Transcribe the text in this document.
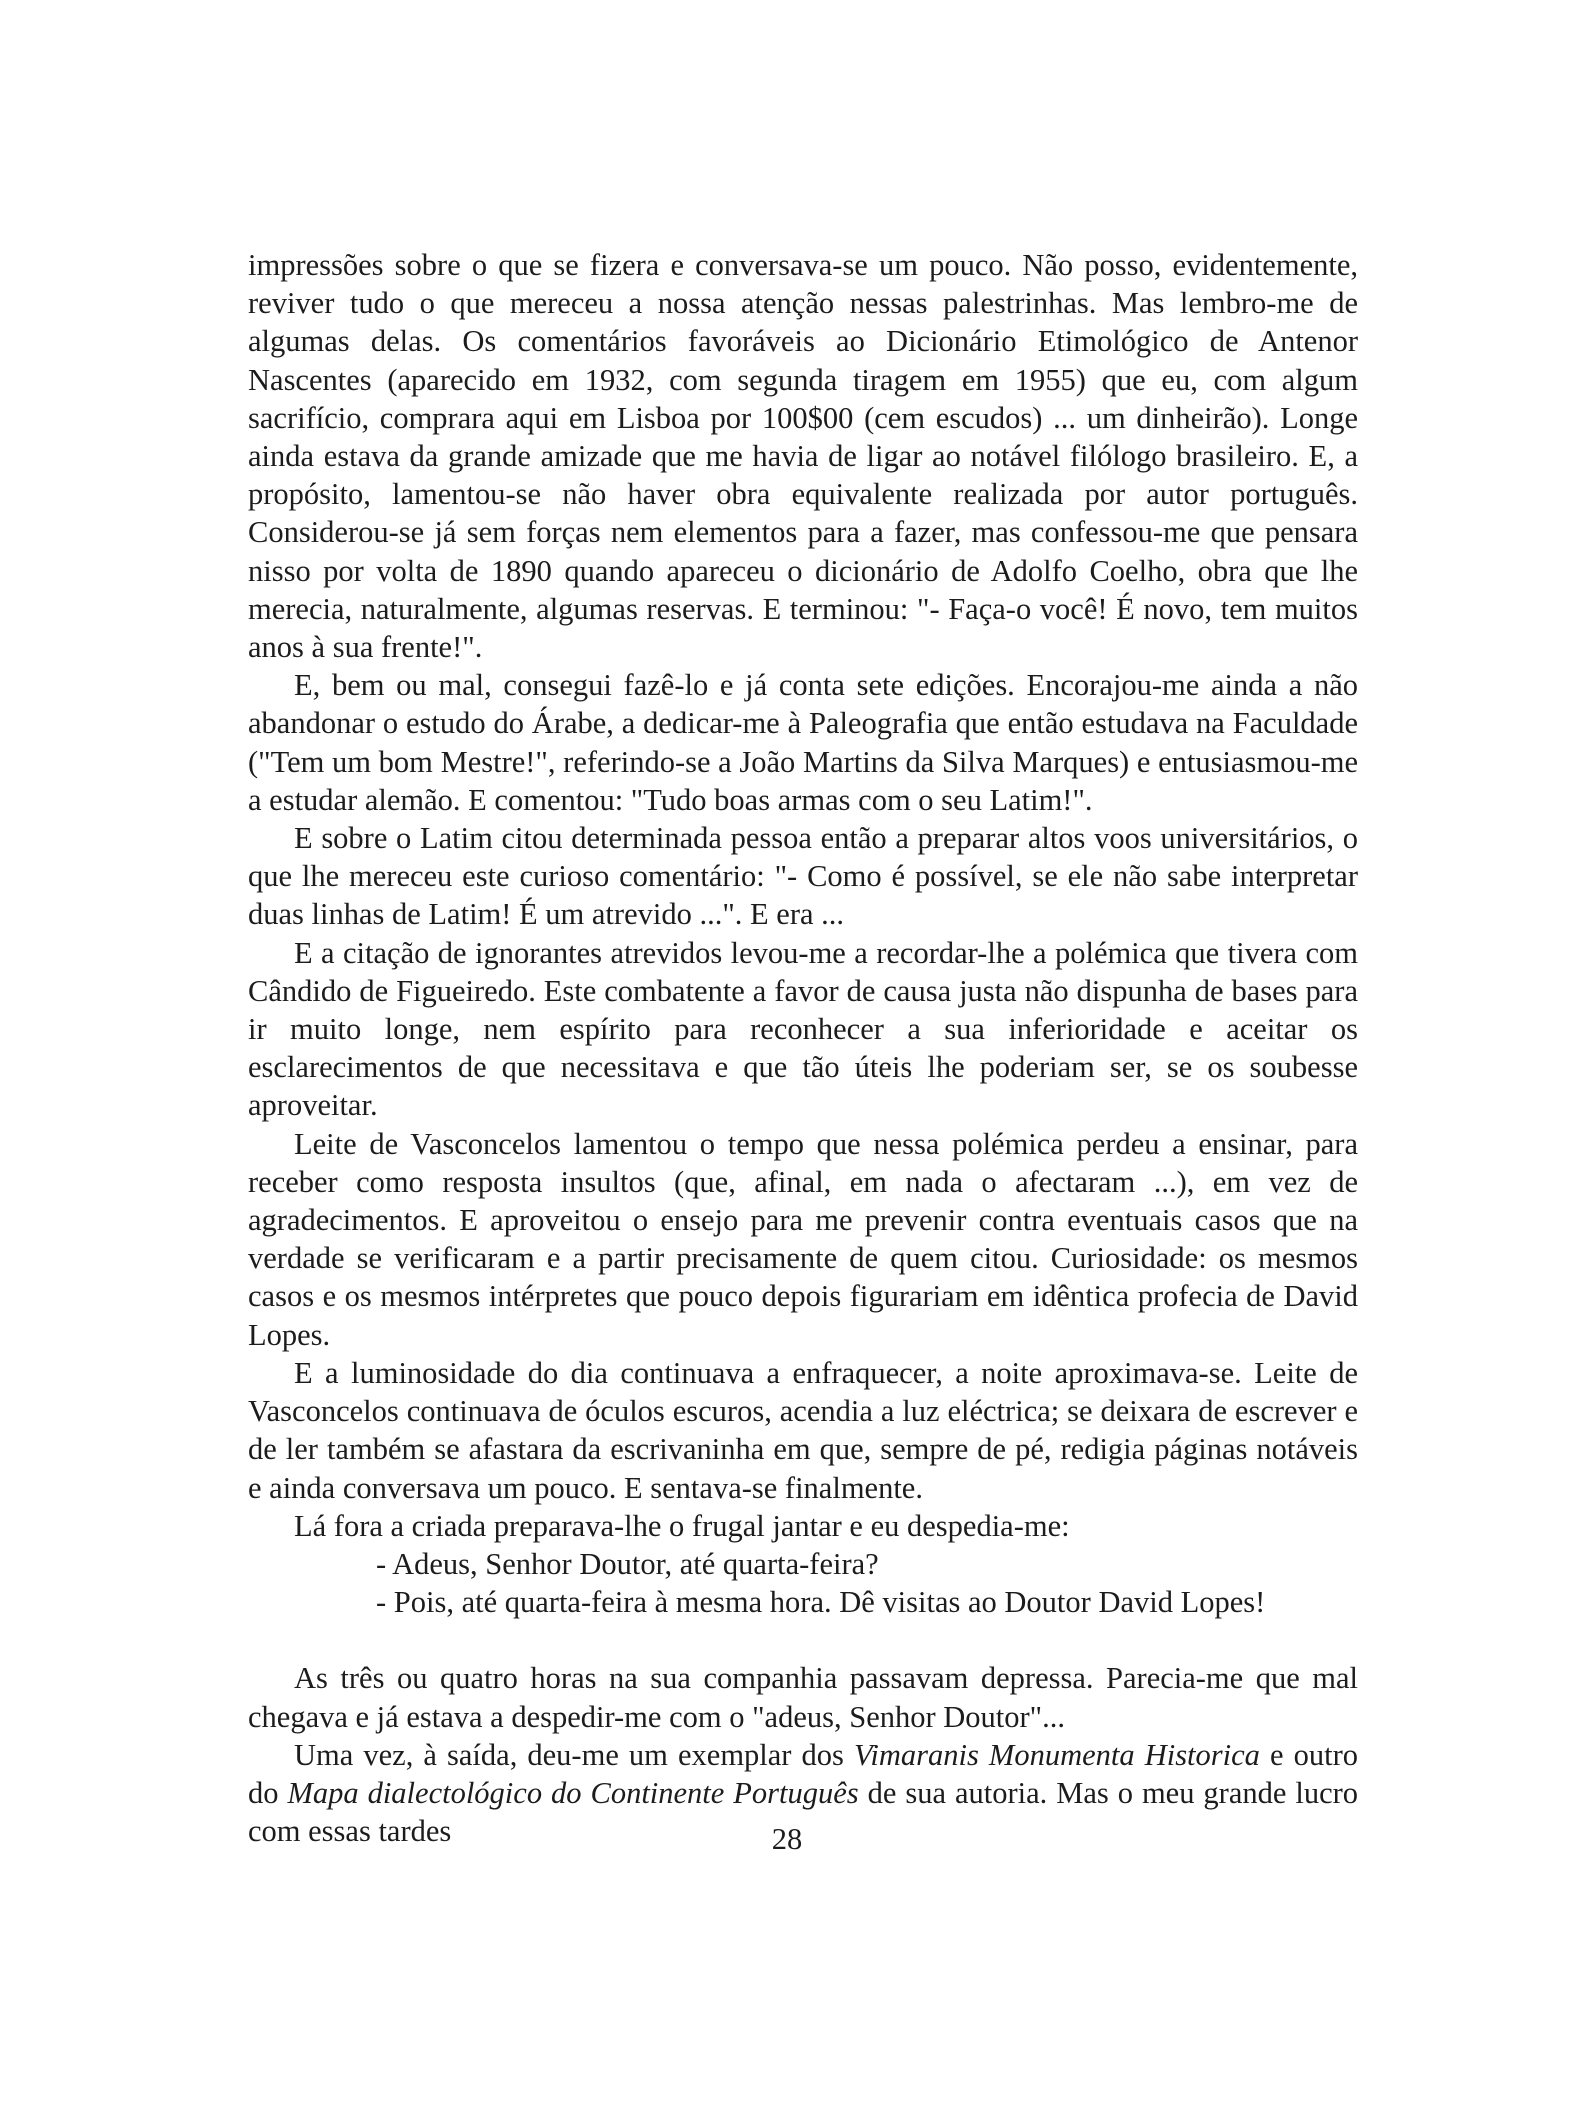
impressões sobre o que se fizera e conversava-se um pouco. Não posso, evidentemente, reviver tudo o que mereceu a nossa atenção nessas palestrinhas. Mas lembro-me de algumas delas. Os comentários favoráveis ao Dicionário Etimológico de Antenor Nascentes (aparecido em 1932, com segunda tiragem em 1955) que eu, com algum sacrifício, comprara aqui em Lisboa por 100$00 (cem escudos) ... um dinheirão). Longe ainda estava da grande amizade que me havia de ligar ao notável filólogo brasileiro. E, a propósito, lamentou-se não haver obra equivalente realizada por autor português. Considerou-se já sem forças nem elementos para a fazer, mas confessou-me que pensara nisso por volta de 1890 quando apareceu o dicionário de Adolfo Coelho, obra que lhe merecia, naturalmente, algumas reservas. E terminou: "- Faça-o você! É novo, tem muitos anos à sua frente!".

E, bem ou mal, consegui fazê-lo e já conta sete edições. Encorajou-me ainda a não abandonar o estudo do Árabe, a dedicar-me à Paleografia que então estudava na Faculdade ("Tem um bom Mestre!", referindo-se a João Martins da Silva Marques) e entusiasmou-me a estudar alemão. E comentou: "Tudo boas armas com o seu Latim!".

E sobre o Latim citou determinada pessoa então a preparar altos voos universitários, o que lhe mereceu este curioso comentário: "- Como é possível, se ele não sabe interpretar duas linhas de Latim! É um atrevido ...". E era ...

E a citação de ignorantes atrevidos levou-me a recordar-lhe a polémica que tivera com Cândido de Figueiredo. Este combatente a favor de causa justa não dispunha de bases para ir muito longe, nem espírito para reconhecer a sua inferioridade e aceitar os esclarecimentos de que necessitava e que tão úteis lhe poderiam ser, se os soubesse aproveitar.

Leite de Vasconcelos lamentou o tempo que nessa polémica perdeu a ensinar, para receber como resposta insultos (que, afinal, em nada o afectaram ...), em vez de agradecimentos. E aproveitou o ensejo para me prevenir contra eventuais casos que na verdade se verificaram e a partir precisamente de quem citou. Curiosidade: os mesmos casos e os mesmos intérpretes que pouco depois figurariam em idêntica profecia de David Lopes.

E a luminosidade do dia continuava a enfraquecer, a noite aproximava-se. Leite de Vasconcelos continuava de óculos escuros, acendia a luz eléctrica; se deixara de escrever e de ler também se afastara da escrivaninha em que, sempre de pé, redigia páginas notáveis e ainda conversava um pouco. E sentava-se finalmente.

Lá fora a criada preparava-lhe o frugal jantar e eu despedia-me:

- Adeus, Senhor Doutor, até quarta-feira?

- Pois, até quarta-feira à mesma hora. Dê visitas ao Doutor David Lopes!

As três ou quatro horas na sua companhia passavam depressa. Parecia-me que mal chegava e já estava a despedir-me com o "adeus, Senhor Doutor"...

Uma vez, à saída, deu-me um exemplar dos Vimaranis Monumenta Historica e outro do Mapa dialectológico do Continente Português de sua autoria. Mas o meu grande lucro com essas tardes	28
